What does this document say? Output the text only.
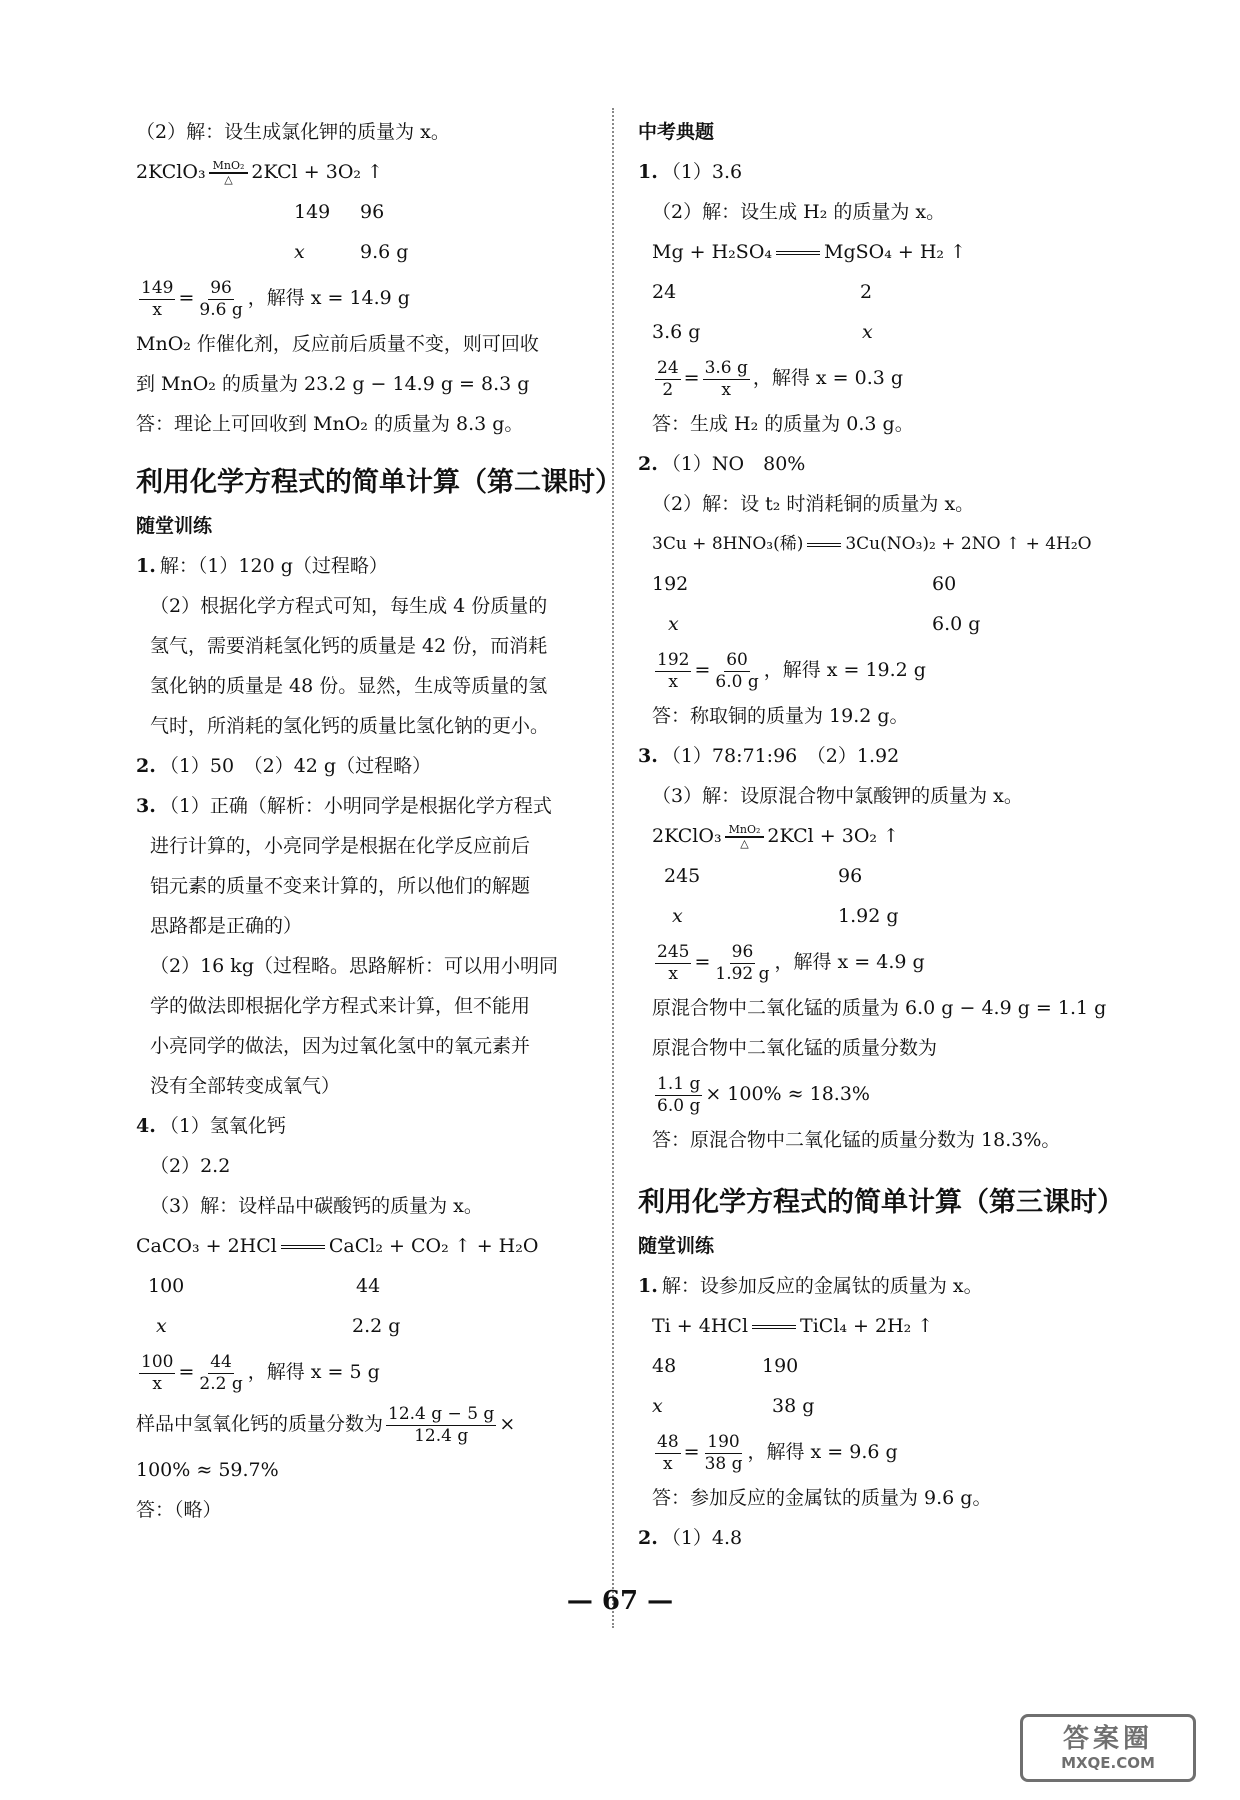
（2）解：设生成氯化钾的质量为 x。
2KClO₃ MnO₂
△ 2KCl + 3O₂ ↑
149	96
x	9.6 g
$\frac{149}{x} = \frac{96}{9.6 g}$ ，解得 x = 14.9 g
MnO₂ 作催化剂，反应前后质量不变，则可回收
到 MnO₂ 的质量为 23.2 g − 14.9 g = 8.3 g
答：理论上可回收到 MnO₂ 的质量为 8.3 g。
利用化学方程式的简单计算（第二课时）
随堂训练
1. 解：（1）120 g（过程略）
（2）根据化学方程式可知，每生成 4 份质量的
氢气，需要消耗氢化钙的质量是 42 份，而消耗
氢化钠的质量是 48 份。显然，生成等质量的氢
气时，所消耗的氢化钙的质量比氢化钠的更小。
2. （1）50　（2）42 g（过程略）
3. （1）正确（解析：小明同学是根据化学方程式
进行计算的，小亮同学是根据在化学反应前后
铝元素的质量不变来计算的，所以他们的解题
思路都是正确的）
（2）16 kg（过程略。思路解析：可以用小明同
学的做法即根据化学方程式来计算，但不能用
小亮同学的做法，因为过氧化氢中的氧元素并
没有全部转变成氧气）
4. （1）氢氧化钙
（2）2.2
（3）解：设样品中碳酸钙的质量为 x。
CaCO₃ + 2HCl	CaCl₂ + CO₂ ↑ + H₂O
100	44
x	2.2 g
$\frac{100}{x} = \frac{44}{2.2 g}$ ，解得 x = 5 g
样品中氢氧化钙的质量分数为 $\frac{12.4 g - 5 g}{12.4 g}$ ×
100% ≈ 59.7%
答：（略）
中考典题
1. （1）3.6
（2）解：设生成 H₂ 的质量为 x。
Mg + H₂SO₄	MgSO₄ + H₂ ↑
24	2
3.6 g	x
$\frac{24}{2} = \frac{3.6 g}{x}$ ，解得 x = 0.3 g
答：生成 H₂ 的质量为 0.3 g。
2. （1）NO　80%
（2）解：设 t₂ 时消耗铜的质量为 x。
3Cu + 8HNO₃(稀) 3Cu(NO₃)₂ + 2NO ↑ + 4H₂O
192	60
x	6.0 g
$\frac{192}{x} = \frac{60}{6.0 g}$ ，解得 x = 19.2 g
答：称取铜的质量为 19.2 g。
3. （1）78:71:96　（2）1.92
（3）解：设原混合物中氯酸钾的质量为 x。
2KClO₃ MnO₂
△ 2KCl + 3O₂ ↑
245	96
x	1.92 g
$\frac{245}{x} = \frac{96}{1.92 g}$ ，解得 x = 4.9 g
原混合物中二氧化锰的质量为 6.0 g − 4.9 g = 1.1 g
原混合物中二氧化锰的质量分数为
$\frac{1.1 g}{6.0 g} \times 100\% \approx 18.3\%$
答：原混合物中二氧化锰的质量分数为 18.3%。
利用化学方程式的简单计算（第三课时）
随堂训练
1. 解：设参加反应的金属钛的质量为 x。
Ti + 4HCl	TiCl₄ + 2H₂ ↑
48	190
x	38 g
$\frac{48}{x} = \frac{190}{38 g}$ ，解得 x = 9.6 g
答：参加反应的金属钛的质量为 9.6 g。
2. （1）4.8
— 67 —
答案圈
MXQE.COM
